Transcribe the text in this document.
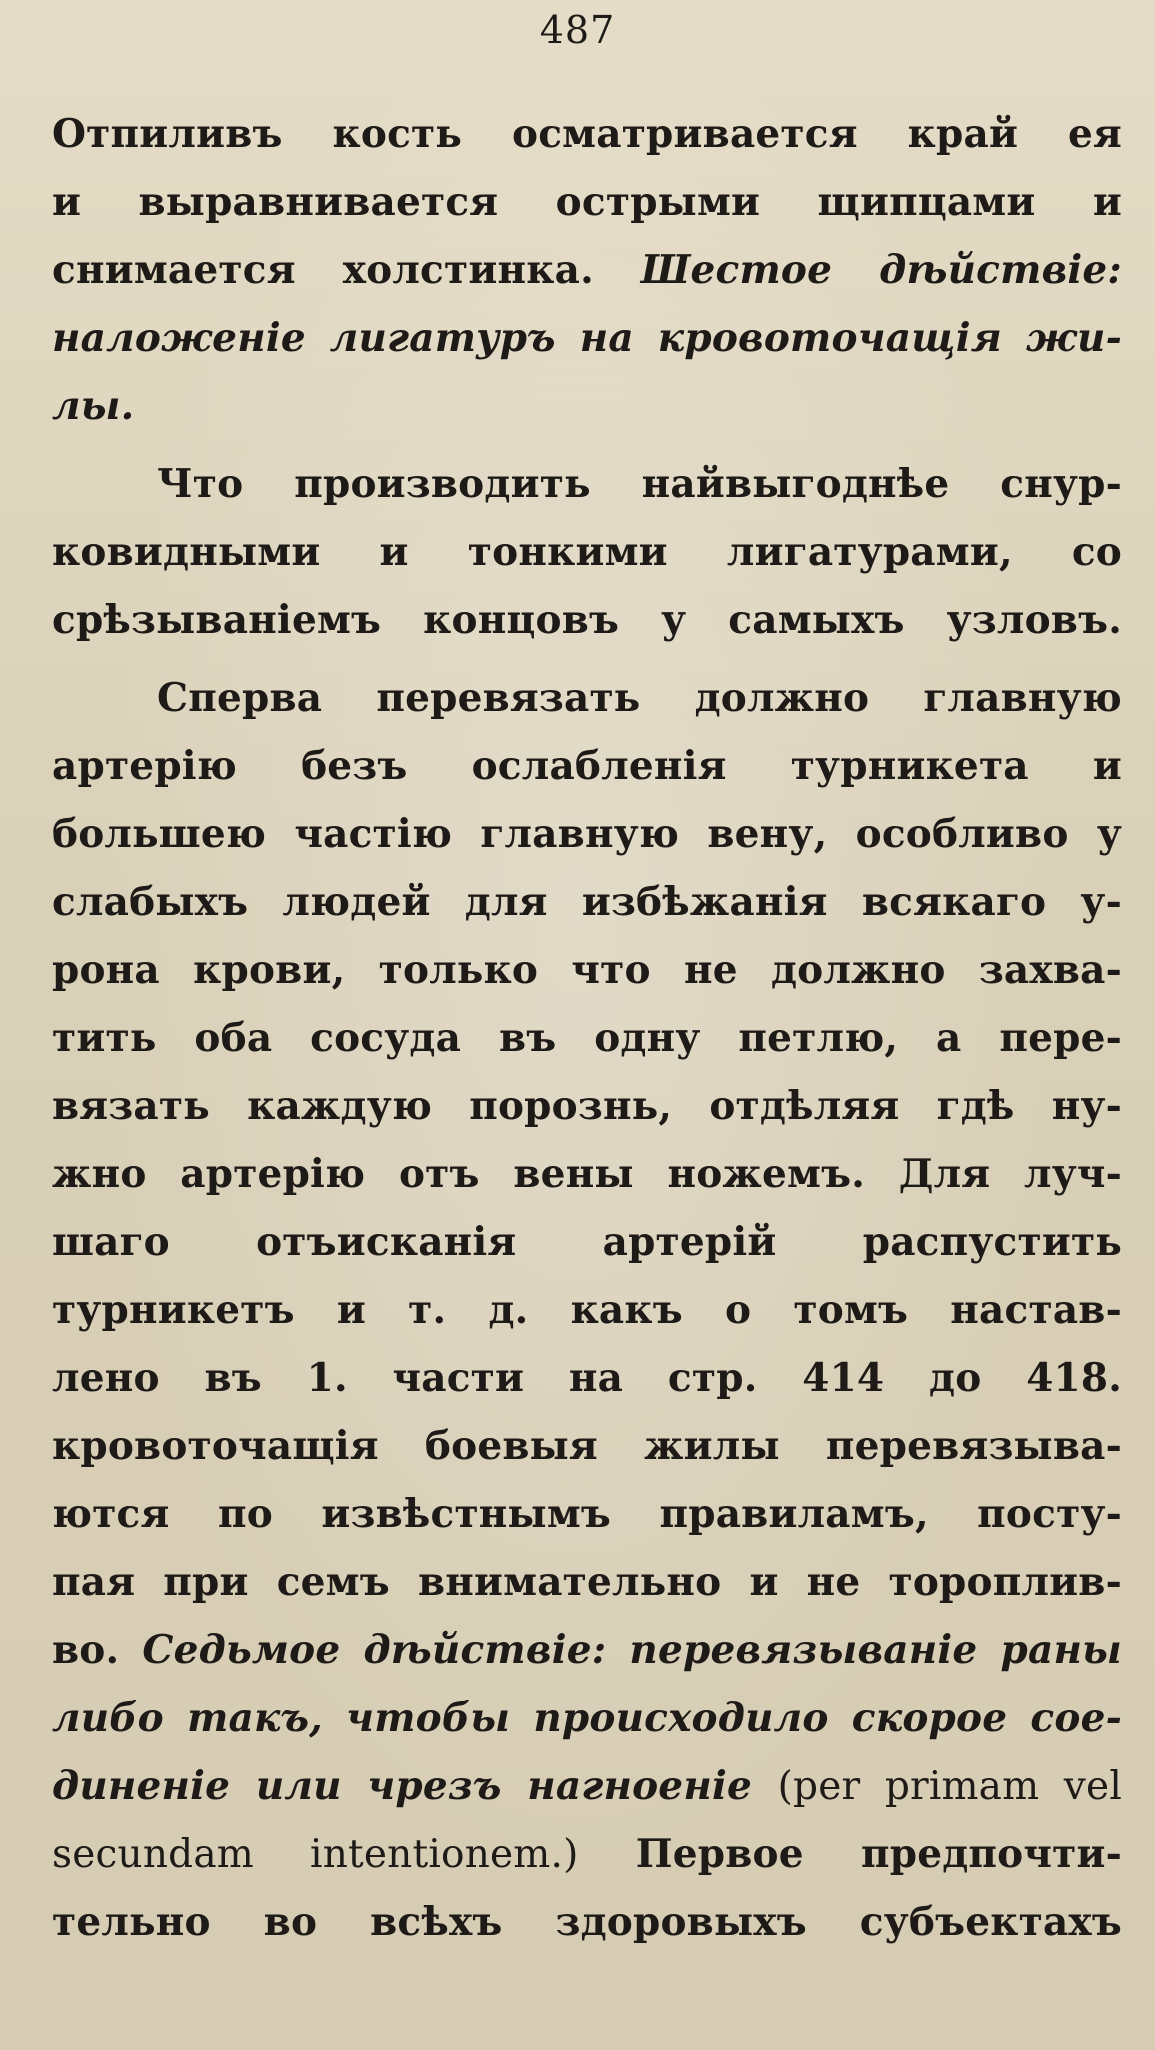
487
Отпиливъ кость осматривается край ея
и выравнивается острыми щипцами и
снимается холстинка. Шестое дѣйствіе:
наложеніе лигатуръ на кровоточащія жи-
лы.
Что производить найвыгоднѣе снур-
ковидными и тонкими лигатурами, со
срѣзываніемъ концовъ у самыхъ узловъ.
Сперва перевязать должно главную
артерію безъ ослабленія турникета и
большею частію главную вену, особливо у
слабыхъ людей для избѣжанія всякаго у-
рона крови, только что не должно захва-
тить оба сосуда въ одну петлю, а пере-
вязать каждую порознь, отдѣляя гдѣ ну-
жно артерію отъ вены ножемъ. Для луч-
шаго отъисканія артерій распустить
турникетъ и т. д. какъ о томъ настав-
лено въ 1. части на стр. 414 до 418.
кровоточащія боевыя жилы перевязыва-
ются по извѣстнымъ правиламъ, посту-
пая при семъ внимательно и не тороплив-
во. Седьмое дѣйствіе: перевязываніе раны
либо такъ, чтобы происходило скорое сое-
диненіе или чрезъ нагноеніе (per primam vel
secundam intentionem.) Первое предпочти-
тельно во всѣхъ здоровыхъ субъектахъ
